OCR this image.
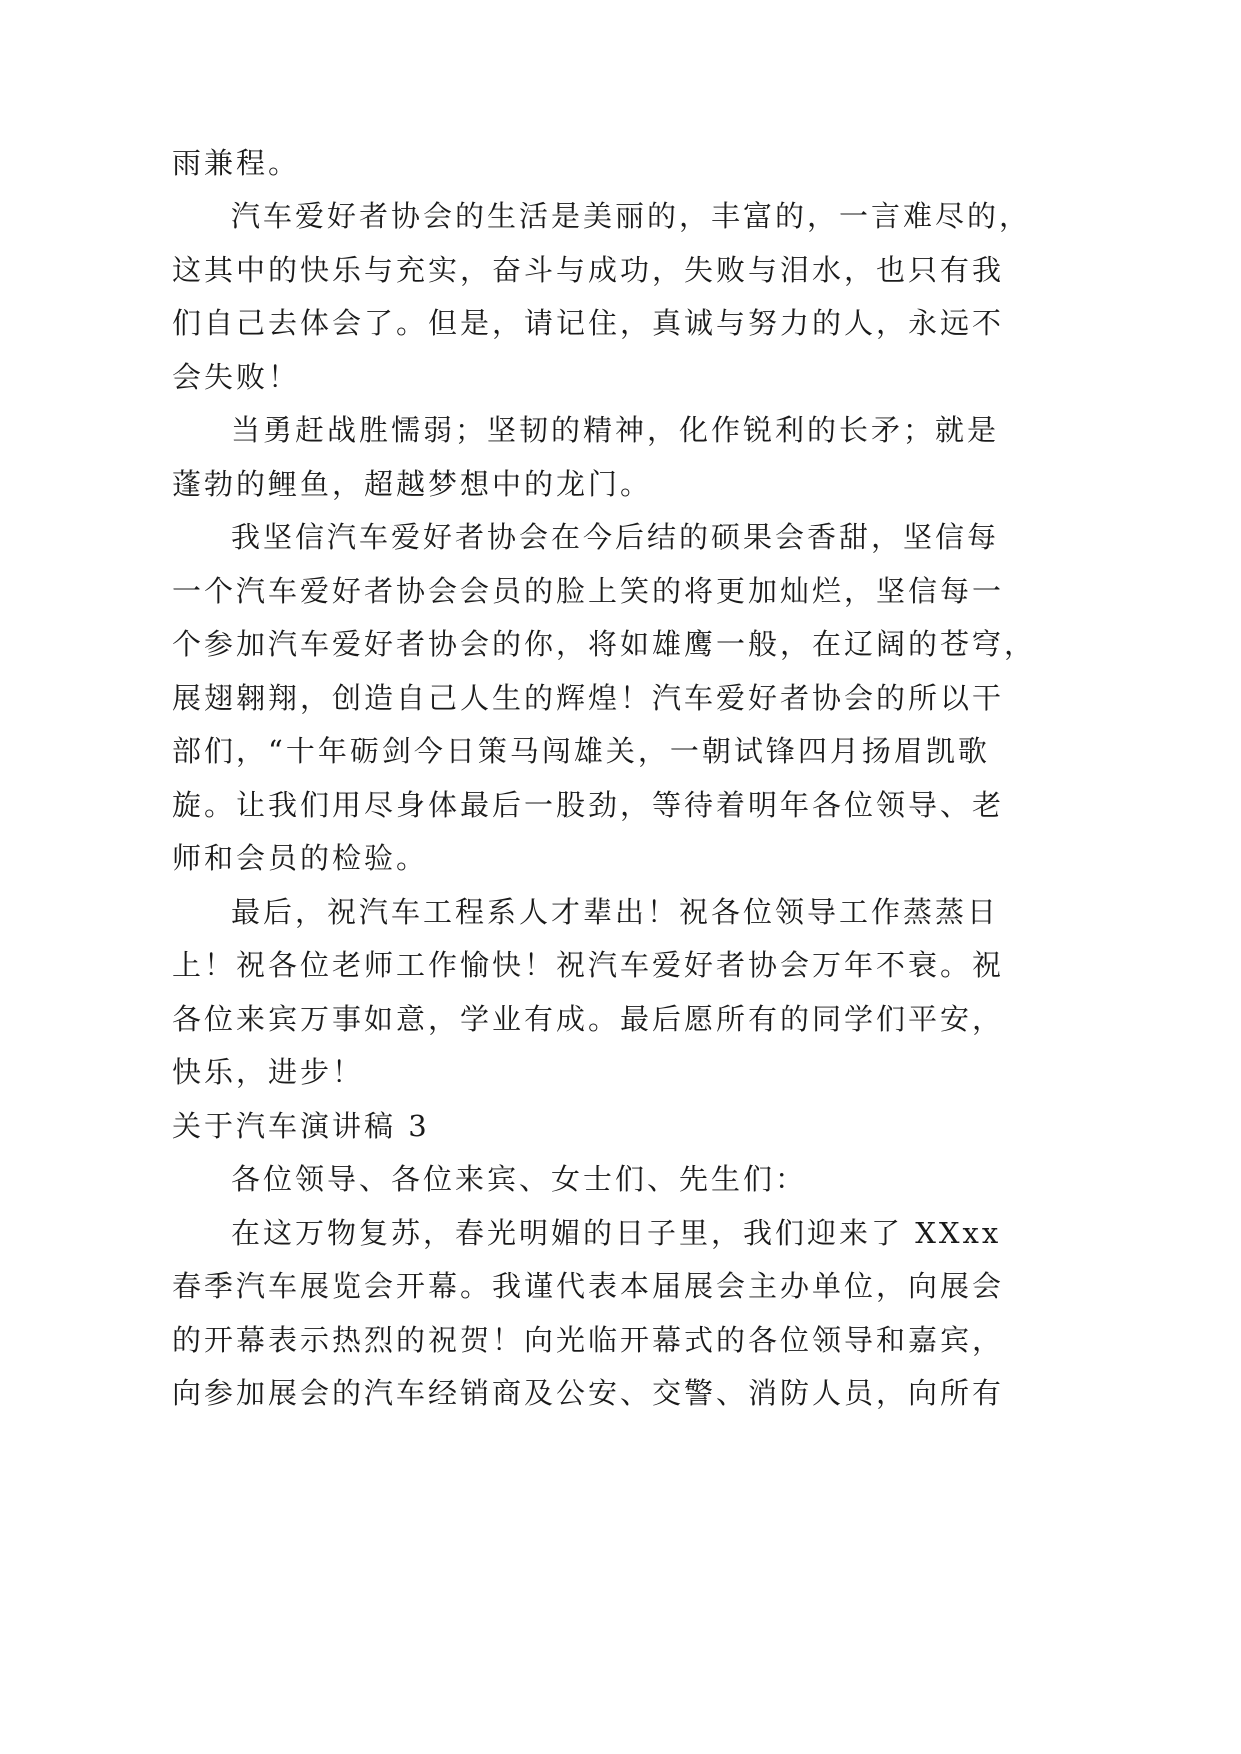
雨兼程。

汽车爱好者协会的生活是美丽的，丰富的，一言难尽的，

这其中的快乐与充实，奋斗与成功，失败与泪水，也只有我

们自己去体会了。但是，请记住，真诚与努力的人，永远不

会失败！

当勇赶战胜懦弱；坚韧的精神，化作锐利的长矛；就是

蓬勃的鲤鱼，超越梦想中的龙门。

我坚信汽车爱好者协会在今后结的硕果会香甜，坚信每

一个汽车爱好者协会会员的脸上笑的将更加灿烂，坚信每一

个参加汽车爱好者协会的你，将如雄鹰一般，在辽阔的苍穹，

展翅翱翔，创造自己人生的辉煌！汽车爱好者协会的所以干

部们，“十年砺剑今日策马闯雄关，一朝试锋四月扬眉凯歌

旋。让我们用尽身体最后一股劲，等待着明年各位领导、老

师和会员的检验。

最后，祝汽车工程系人才辈出！祝各位领导工作蒸蒸日

上！祝各位老师工作愉快！祝汽车爱好者协会万年不衰。祝

各位来宾万事如意，学业有成。最后愿所有的同学们平安，

快乐，进步！

关于汽车演讲稿 3

各位领导、各位来宾、女士们、先生们：

在这万物复苏，春光明媚的日子里，我们迎来了 XXxx

春季汽车展览会开幕。我谨代表本届展会主办单位，向展会

的开幕表示热烈的祝贺！向光临开幕式的各位领导和嘉宾，

向参加展会的汽车经销商及公安、交警、消防人员，向所有
